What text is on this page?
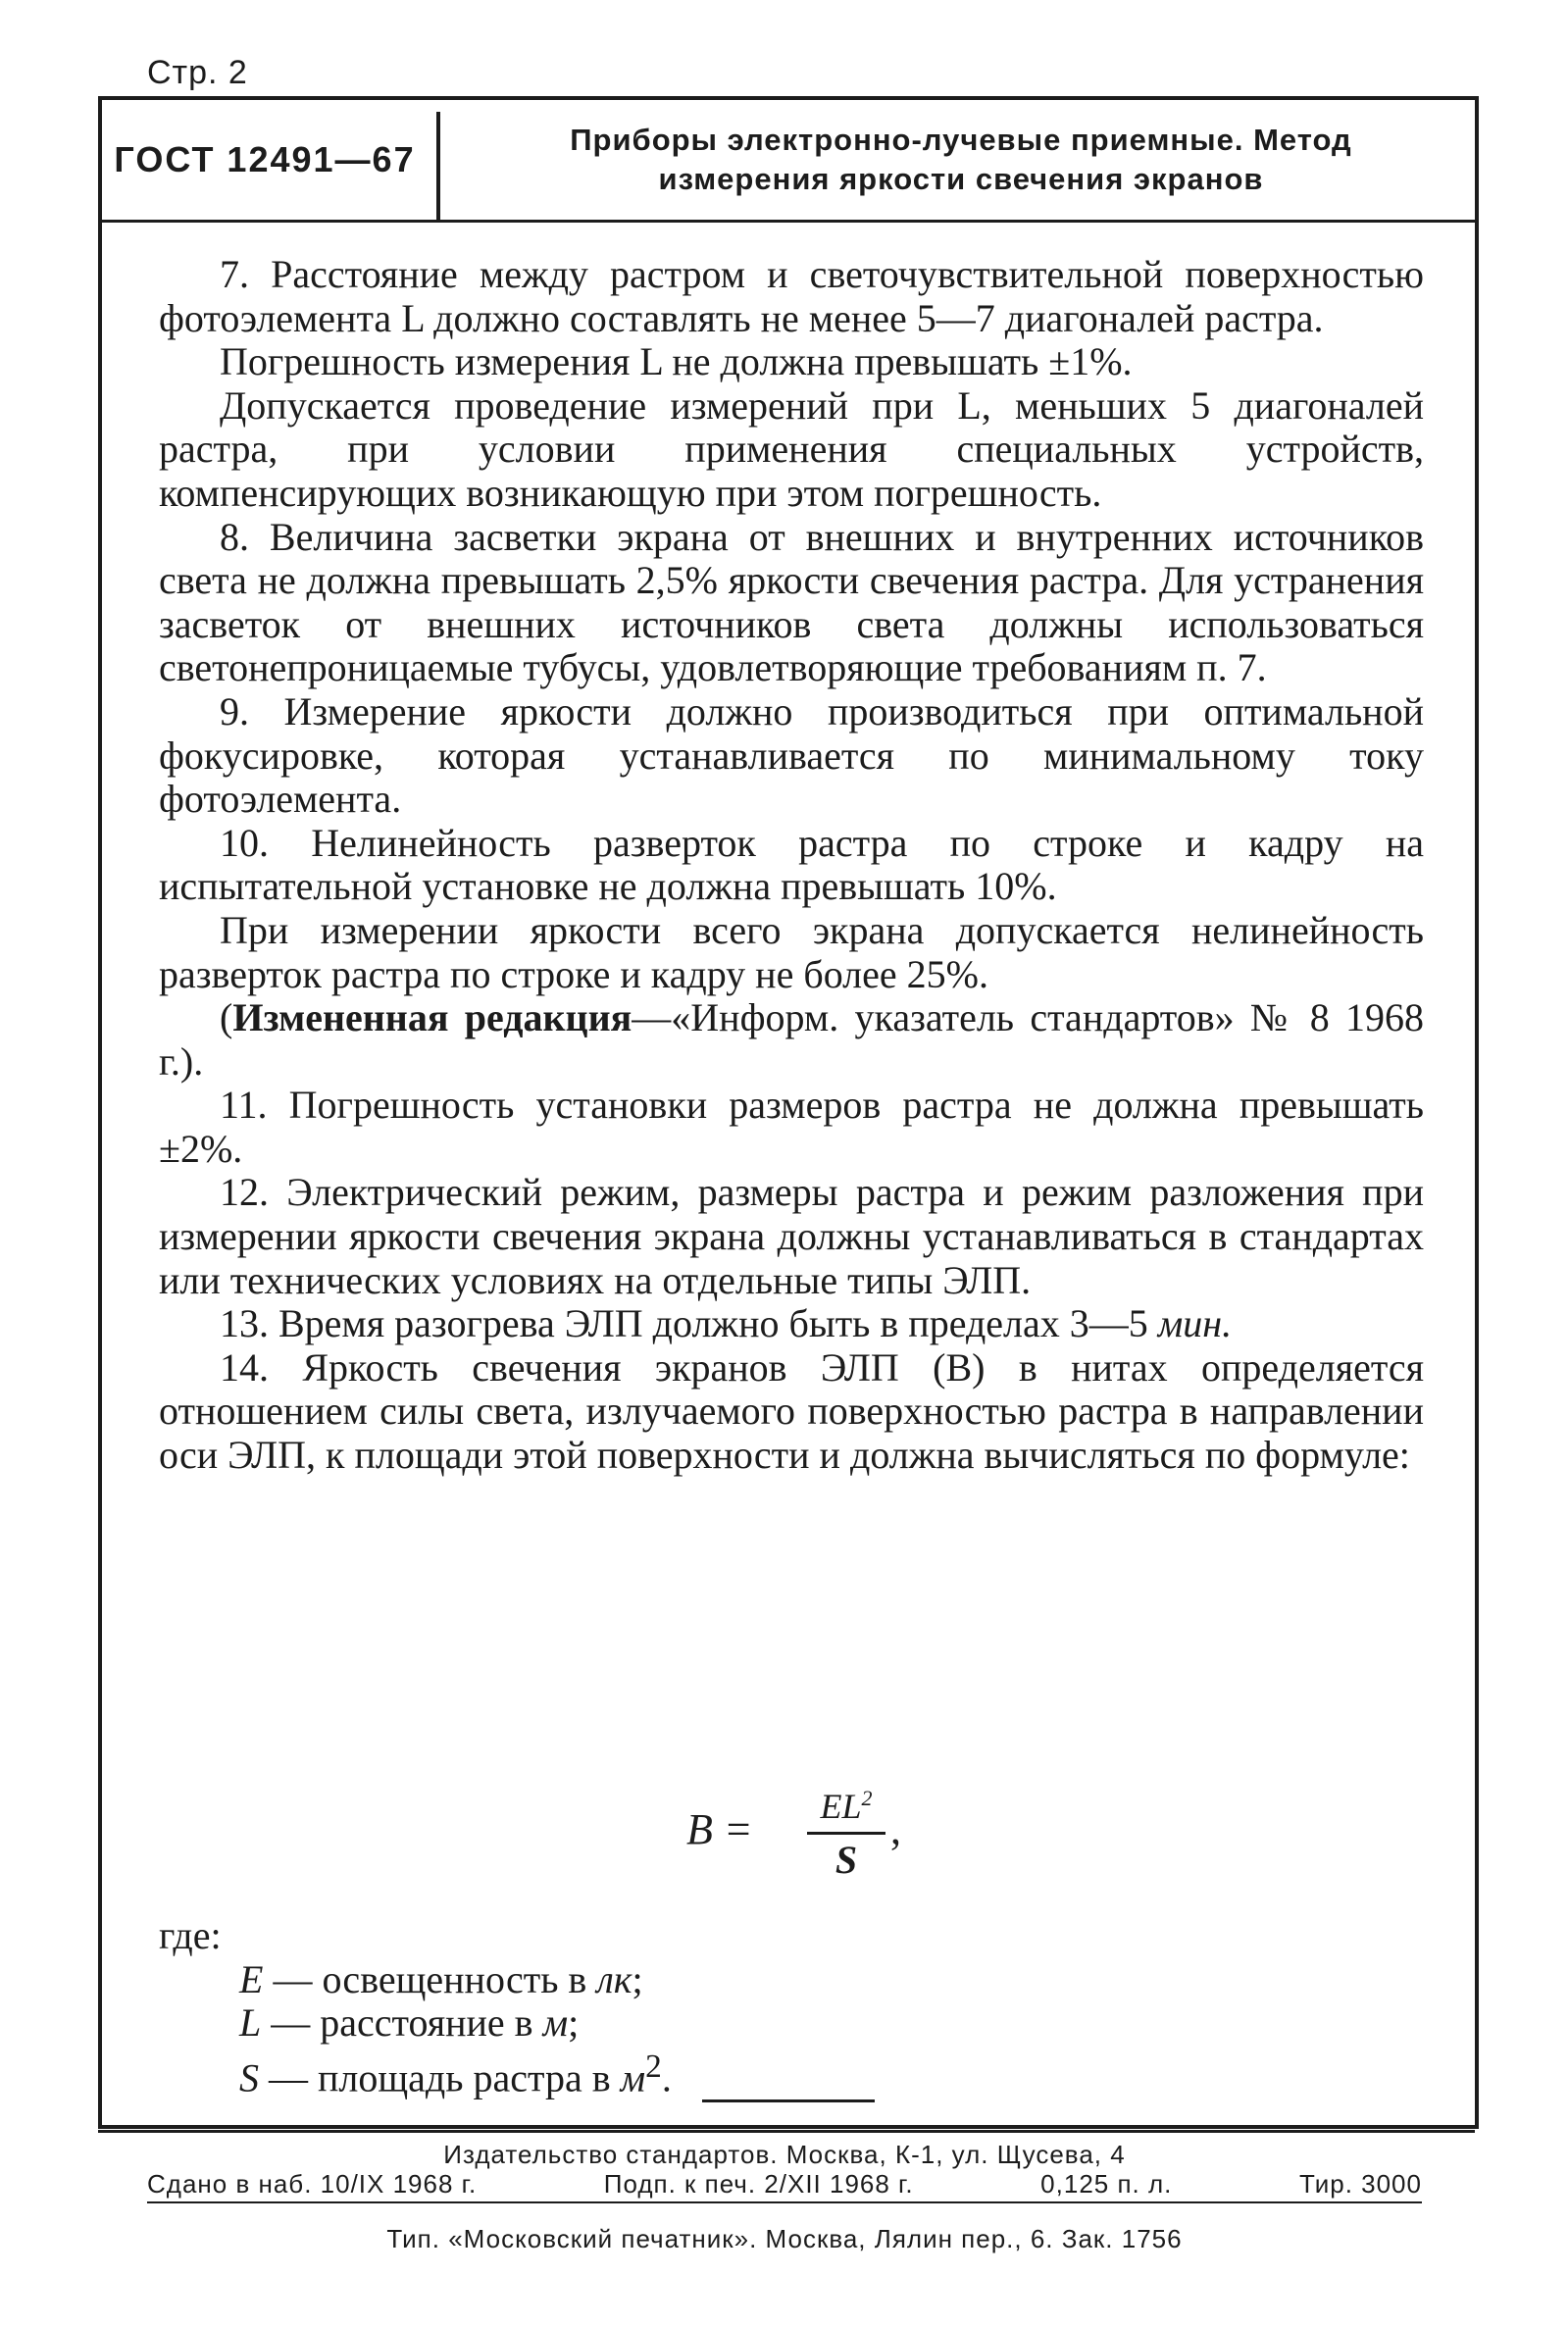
Стр. 2
ГОСТ 12491—67	Приборы электронно-лучевые приемные. Метод
измерения яркости свечения экранов

7. Расстояние между растром и светочувствительной поверхностью фотоэлемента L должно составлять не менее 5—7 диагоналей растра.

Погрешность измерения L не должна превышать ±1%.

Допускается проведение измерений при L, меньших 5 диагоналей растра, при условии применения специальных устройств, компенсирующих возникающую при этом погрешность.

8. Величина засветки экрана от внешних и внутренних источников света не должна превышать 2,5% яркости свечения растра. Для устранения засветок от внешних источников света должны использоваться светонепроницаемые тубусы, удовлетворяющие требованиям п. 7.

9. Измерение яркости должно производиться при оптимальной фокусировке, которая устанавливается по минимальному току фотоэлемента.

10. Нелинейность разверток растра по строке и кадру на испытательной установке не должна превышать 10%.

При измерении яркости всего экрана допускается нелинейность разверток растра по строке и кадру не более 25%.

(Измененная редакция—«Информ. указатель стандартов» № 8 1968 г.).

11. Погрешность установки размеров растра не должна превышать ±2%.

12. Электрический режим, размеры растра и режим разложения при измерении яркости свечения экрана должны устанавливаться в стандартах или технических условиях на отдельные типы ЭЛП.

13. Время разогрева ЭЛП должно быть в пределах 3—5 мин.

14. Яркость свечения экранов ЭЛП (B) в нитах определяется отношением силы света, излучаемого поверхностью растра в направлении оси ЭЛП, к площади этой поверхности и должна вычисляться по формуле:

B =	$EL^2$
S
,

где:

E — освещенность в лк;

L — расстояние в м;

S — площадь растра в $м^2$.

Издательство стандартов. Москва, К-1, ул. Щусева, 4
Сдано в наб. 10/IX 1968 г.	Подп. к печ. 2/XII 1968 г.	0,125 п. л.	Тир. 3000
Тип. «Московский печатник». Москва, Лялин пер., 6. Зак. 1756
